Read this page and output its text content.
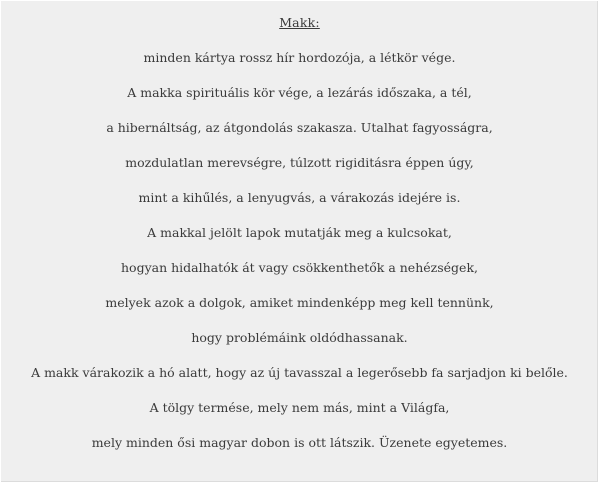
Makk:
minden kártya rossz hír hordozója, a létkör vége.
A makka spirituális kör vége, a lezárás időszaka, a tél,
a hibernáltság, az átgondolás szakasza. Utalhat fagyosságra,
mozdulatlan merevségre, túlzott rigiditásra éppen úgy,
mint a kihűlés, a lenyugvás, a várakozás idejére is.
A makkal jelölt lapok mutatják meg a kulcsokat,
hogyan hidalhatók át vagy csökkenthetők a nehézségek,
melyek azok a dolgok, amiket mindenképp meg kell tennünk,
hogy problémáink oldódhassanak.
A makk várakozik a hó alatt, hogy az új tavasszal a legerősebb fa sarjadjon ki belőle.
A tölgy termése, mely nem más, mint a Világfa,
mely minden ősi magyar dobon is ott látszik. Üzenete egyetemes.
